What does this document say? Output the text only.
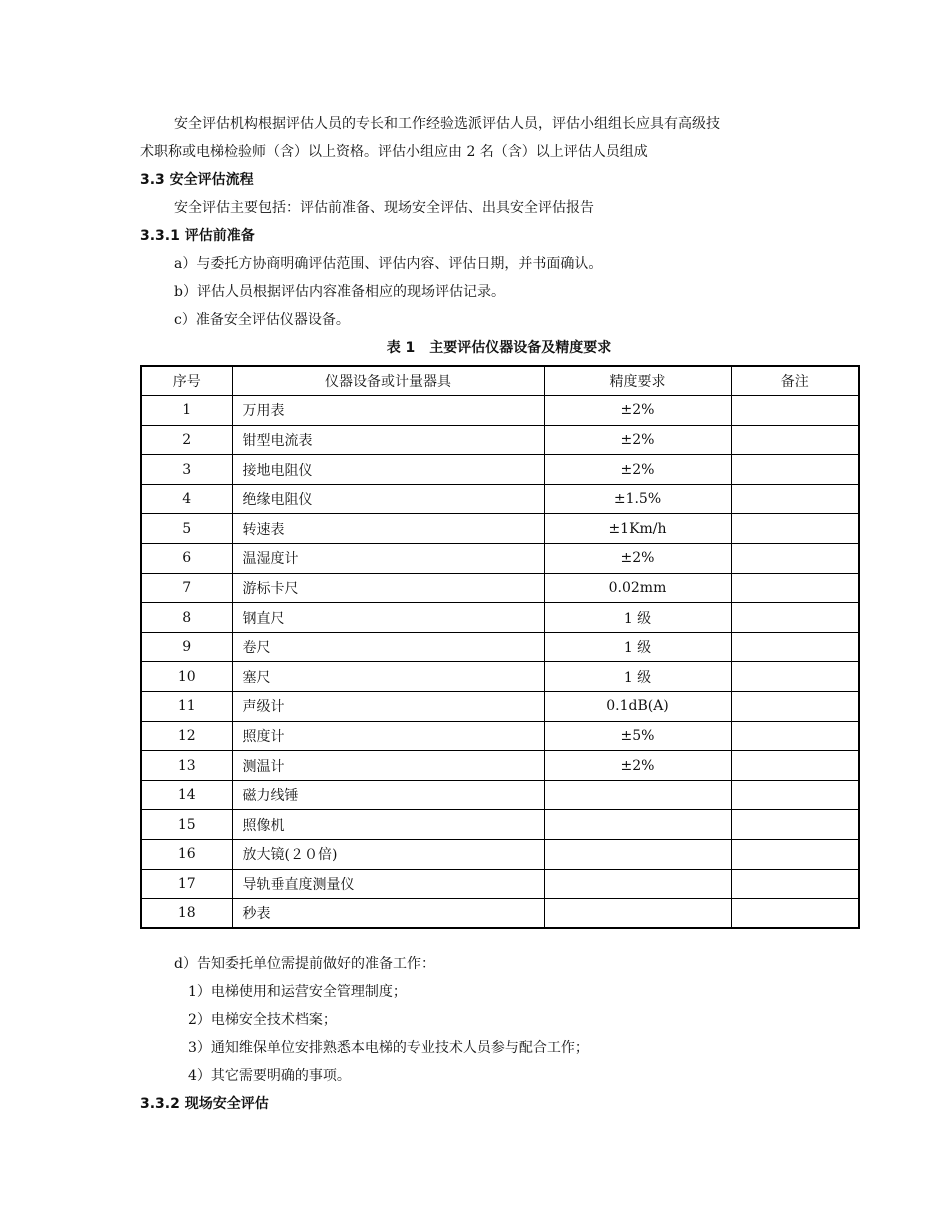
安全评估机构根据评估人员的专长和工作经验选派评估人员，评估小组组长应具有高级技
术职称或电梯检验师（含）以上资格。评估小组应由 2 名（含）以上评估人员组成
3.3 安全评估流程
安全评估主要包括：评估前准备、现场安全评估、出具安全评估报告
3.3.1 评估前准备
a）与委托方协商明确评估范围、评估内容、评估日期，并书面确认。
b）评估人员根据评估内容准备相应的现场评估记录。
c）准备安全评估仪器设备。
表 1　主要评估仪器设备及精度要求
序号	仪器设备或计量器具	精度要求	备注
1	万用表	±2%	
2	钳型电流表	±2%	
3	接地电阻仪	±2%	
4	绝缘电阻仪	±1.5%	
5	转速表	±1Km/h	
6	温湿度计	±2%	
7	游标卡尺	0.02mm	
8	钢直尺	1 级	
9	卷尺	1 级	
10	塞尺	1 级	
11	声级计	0.1dB(A)	
12	照度计	±5%	
13	测温计	±2%	
14	磁力线锤		
15	照像机		
16	放大镜(２０倍)		
17	导轨垂直度测量仪		
18	秒表		
d）告知委托单位需提前做好的准备工作：
1）电梯使用和运营安全管理制度；
2）电梯安全技术档案；
3）通知维保单位安排熟悉本电梯的专业技术人员参与配合工作；
4）其它需要明确的事项。
3.3.2 现场安全评估
